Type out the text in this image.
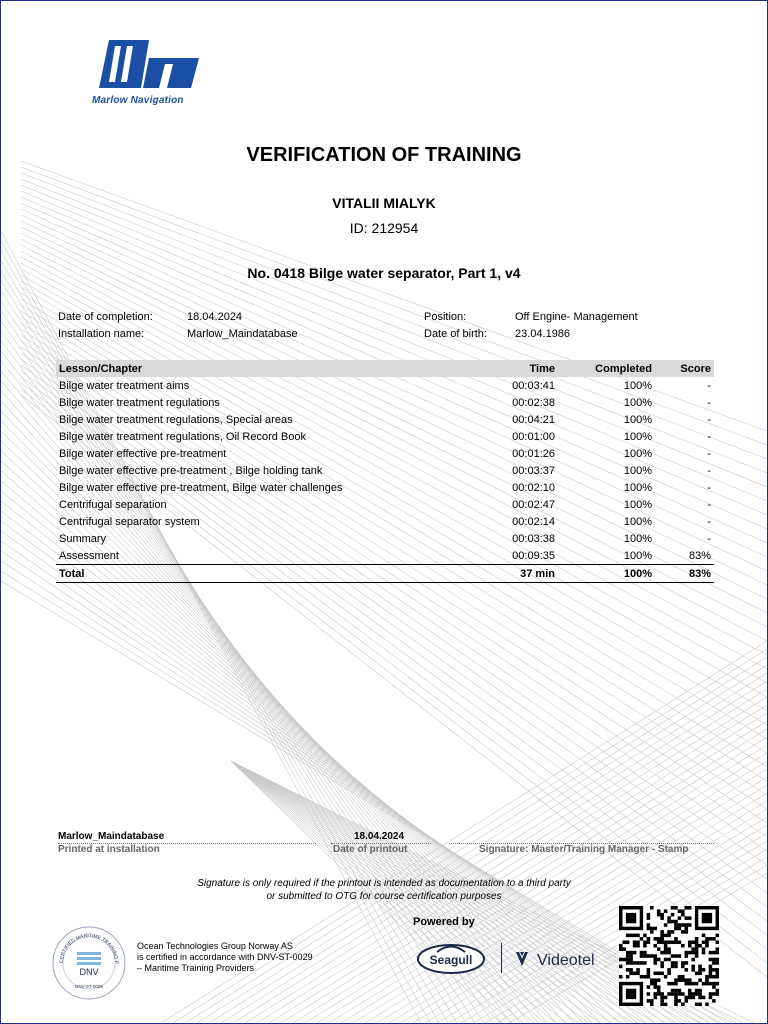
Marlow Navigation
VERIFICATION OF TRAINING
VITALII MIALYK
ID: 212954
No. 0418 Bilge water separator, Part 1, v4
Date of completion:	18.04.2024
Installation name:	Marlow_Maindatabase
Position:	Off Engine- Management
Date of birth:	23.04.1986
Lesson/Chapter	Time	Completed	Score
Bilge water treatment aims	00:03:41	100%	-
Bilge water treatment regulations	00:02:38	100%	-
Bilge water treatment regulations, Special areas	00:04:21	100%	-
Bilge water treatment regulations, Oil Record Book	00:01:00	100%	-
Bilge water effective pre-treatment	00:01:26	100%	-
Bilge water effective pre-treatment , Bilge holding tank	00:03:37	100%	-
Bilge water effective pre-treatment, Bilge water challenges	00:02:10	100%	-
Centrifugal separation	00:02:47	100%	-
Centrifugal separator system	00:02:14	100%	-
Summary	00:03:38	100%	-
Assessment	00:09:35	100%	83%
Total	37 min	100%	83%
Marlow_Maindatabase
Printed at installation
18.04.2024
Date of printout	Signature: Master/Training Manager - Stamp
Signature is only required if the printout is intended as documentation to a third party
or submitted to OTG for course certification purposes
CERTIFIED MARITIME TRAINING P
DNV
DNV-ST-0029
Ocean Technologies Group Norway AS
is certified in accordance with DNV-ST-0029
– Maritime Training Providers
Powered by
Seagull	Videotel
